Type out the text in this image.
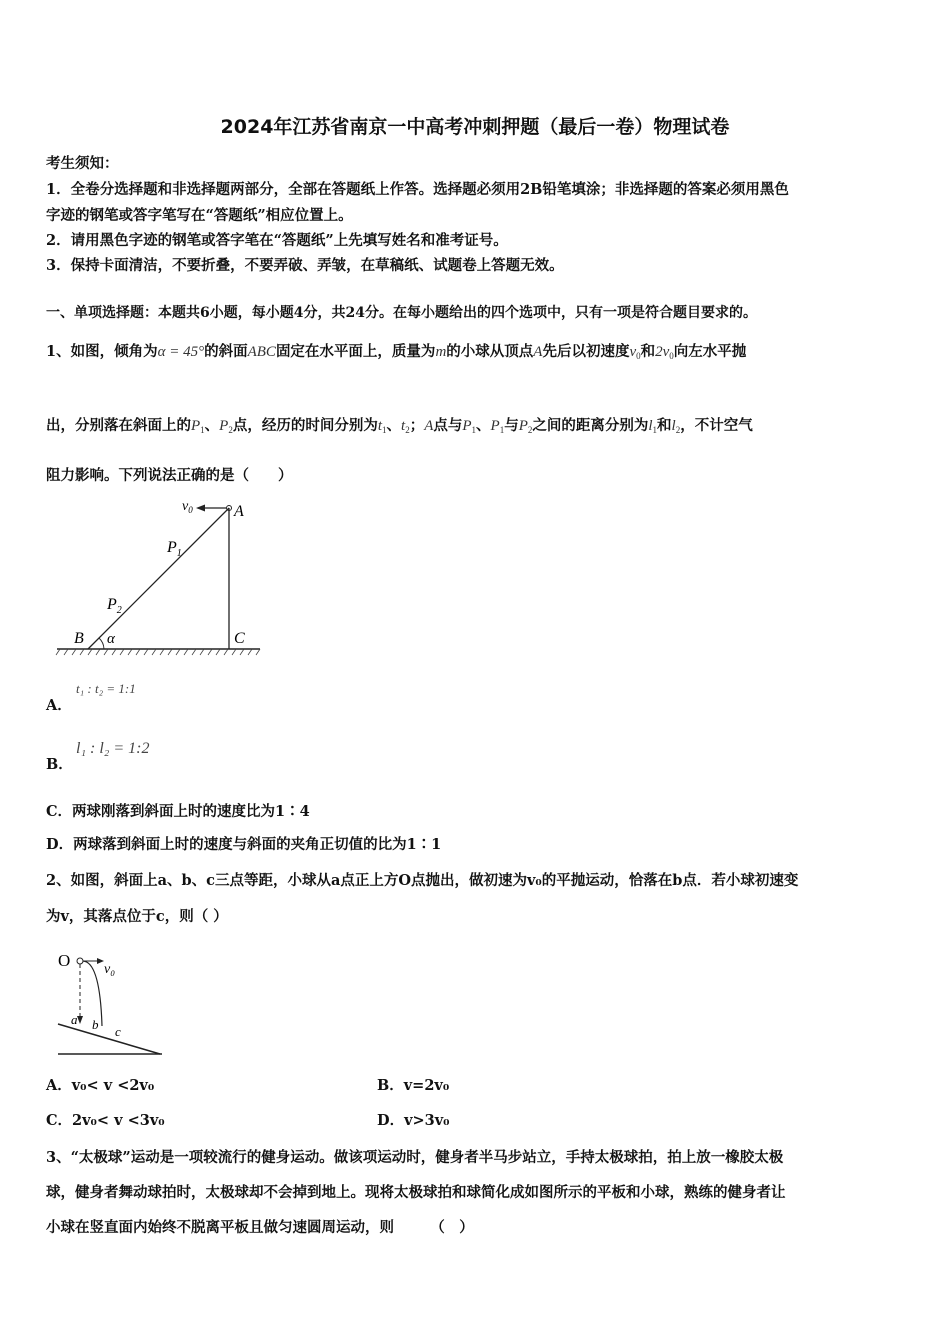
2024年江苏省南京一中高考冲刺押题（最后一卷）物理试卷
考生须知：
1．全卷分选择题和非选择题两部分，全部在答题纸上作答。选择题必须用2B铅笔填涂；非选择题的答案必须用黑色
字迹的钢笔或答字笔写在“答题纸”相应位置上。
2．请用黑色字迹的钢笔或答字笔在“答题纸”上先填写姓名和准考证号。
3．保持卡面清洁，不要折叠，不要弄破、弄皱，在草稿纸、试题卷上答题无效。
一、单项选择题：本题共6小题，每小题4分，共24分。在每小题给出的四个选项中，只有一项是符合题目要求的。
1、如图，倾角为α = 45°的斜面ABC固定在水平面上，质量为m的小球从顶点A先后以初速度$v_0$和$2v_0$向左水平抛
出，分别落在斜面上的$P_1$、$P_2$点，经历的时间分别为$t_1$、$t_2$；A点与$P_1$、$P_1$与$P_2$之间的距离分别为$l_1$和$l_2$，不计空气
阻力影响。下列说法正确的是（　　）
$v_0$	A
$P_1$
$P_2$
B α	C
A．
t₁ : t₂ = 1:1
B．
l₁ : l₂ = 1:2
C．两球刚落到斜面上时的速度比为1∶4
D．两球落到斜面上时的速度与斜面的夹角正切值的比为1∶1
2、如图，斜面上a、b、c三点等距，小球从a点正上方O点抛出，做初速为v₀的平抛运动，恰落在b点．若小球初速变
为v，其落点位于c，则（ ）
O v₀
a b c
A．v₀< v <2v₀	B．v=2v₀
C．2v₀< v <3v₀	D．v>3v₀
3、“太极球”运动是一项较流行的健身运动。做该项运动时，健身者半马步站立，手持太极球拍，拍上放一橡胶太极
球，健身者舞动球拍时，太极球却不会掉到地上。现将太极球拍和球简化成如图所示的平板和小球，熟练的健身者让
小球在竖直面内始终不脱离平板且做匀速圆周运动，则　　　（　）
